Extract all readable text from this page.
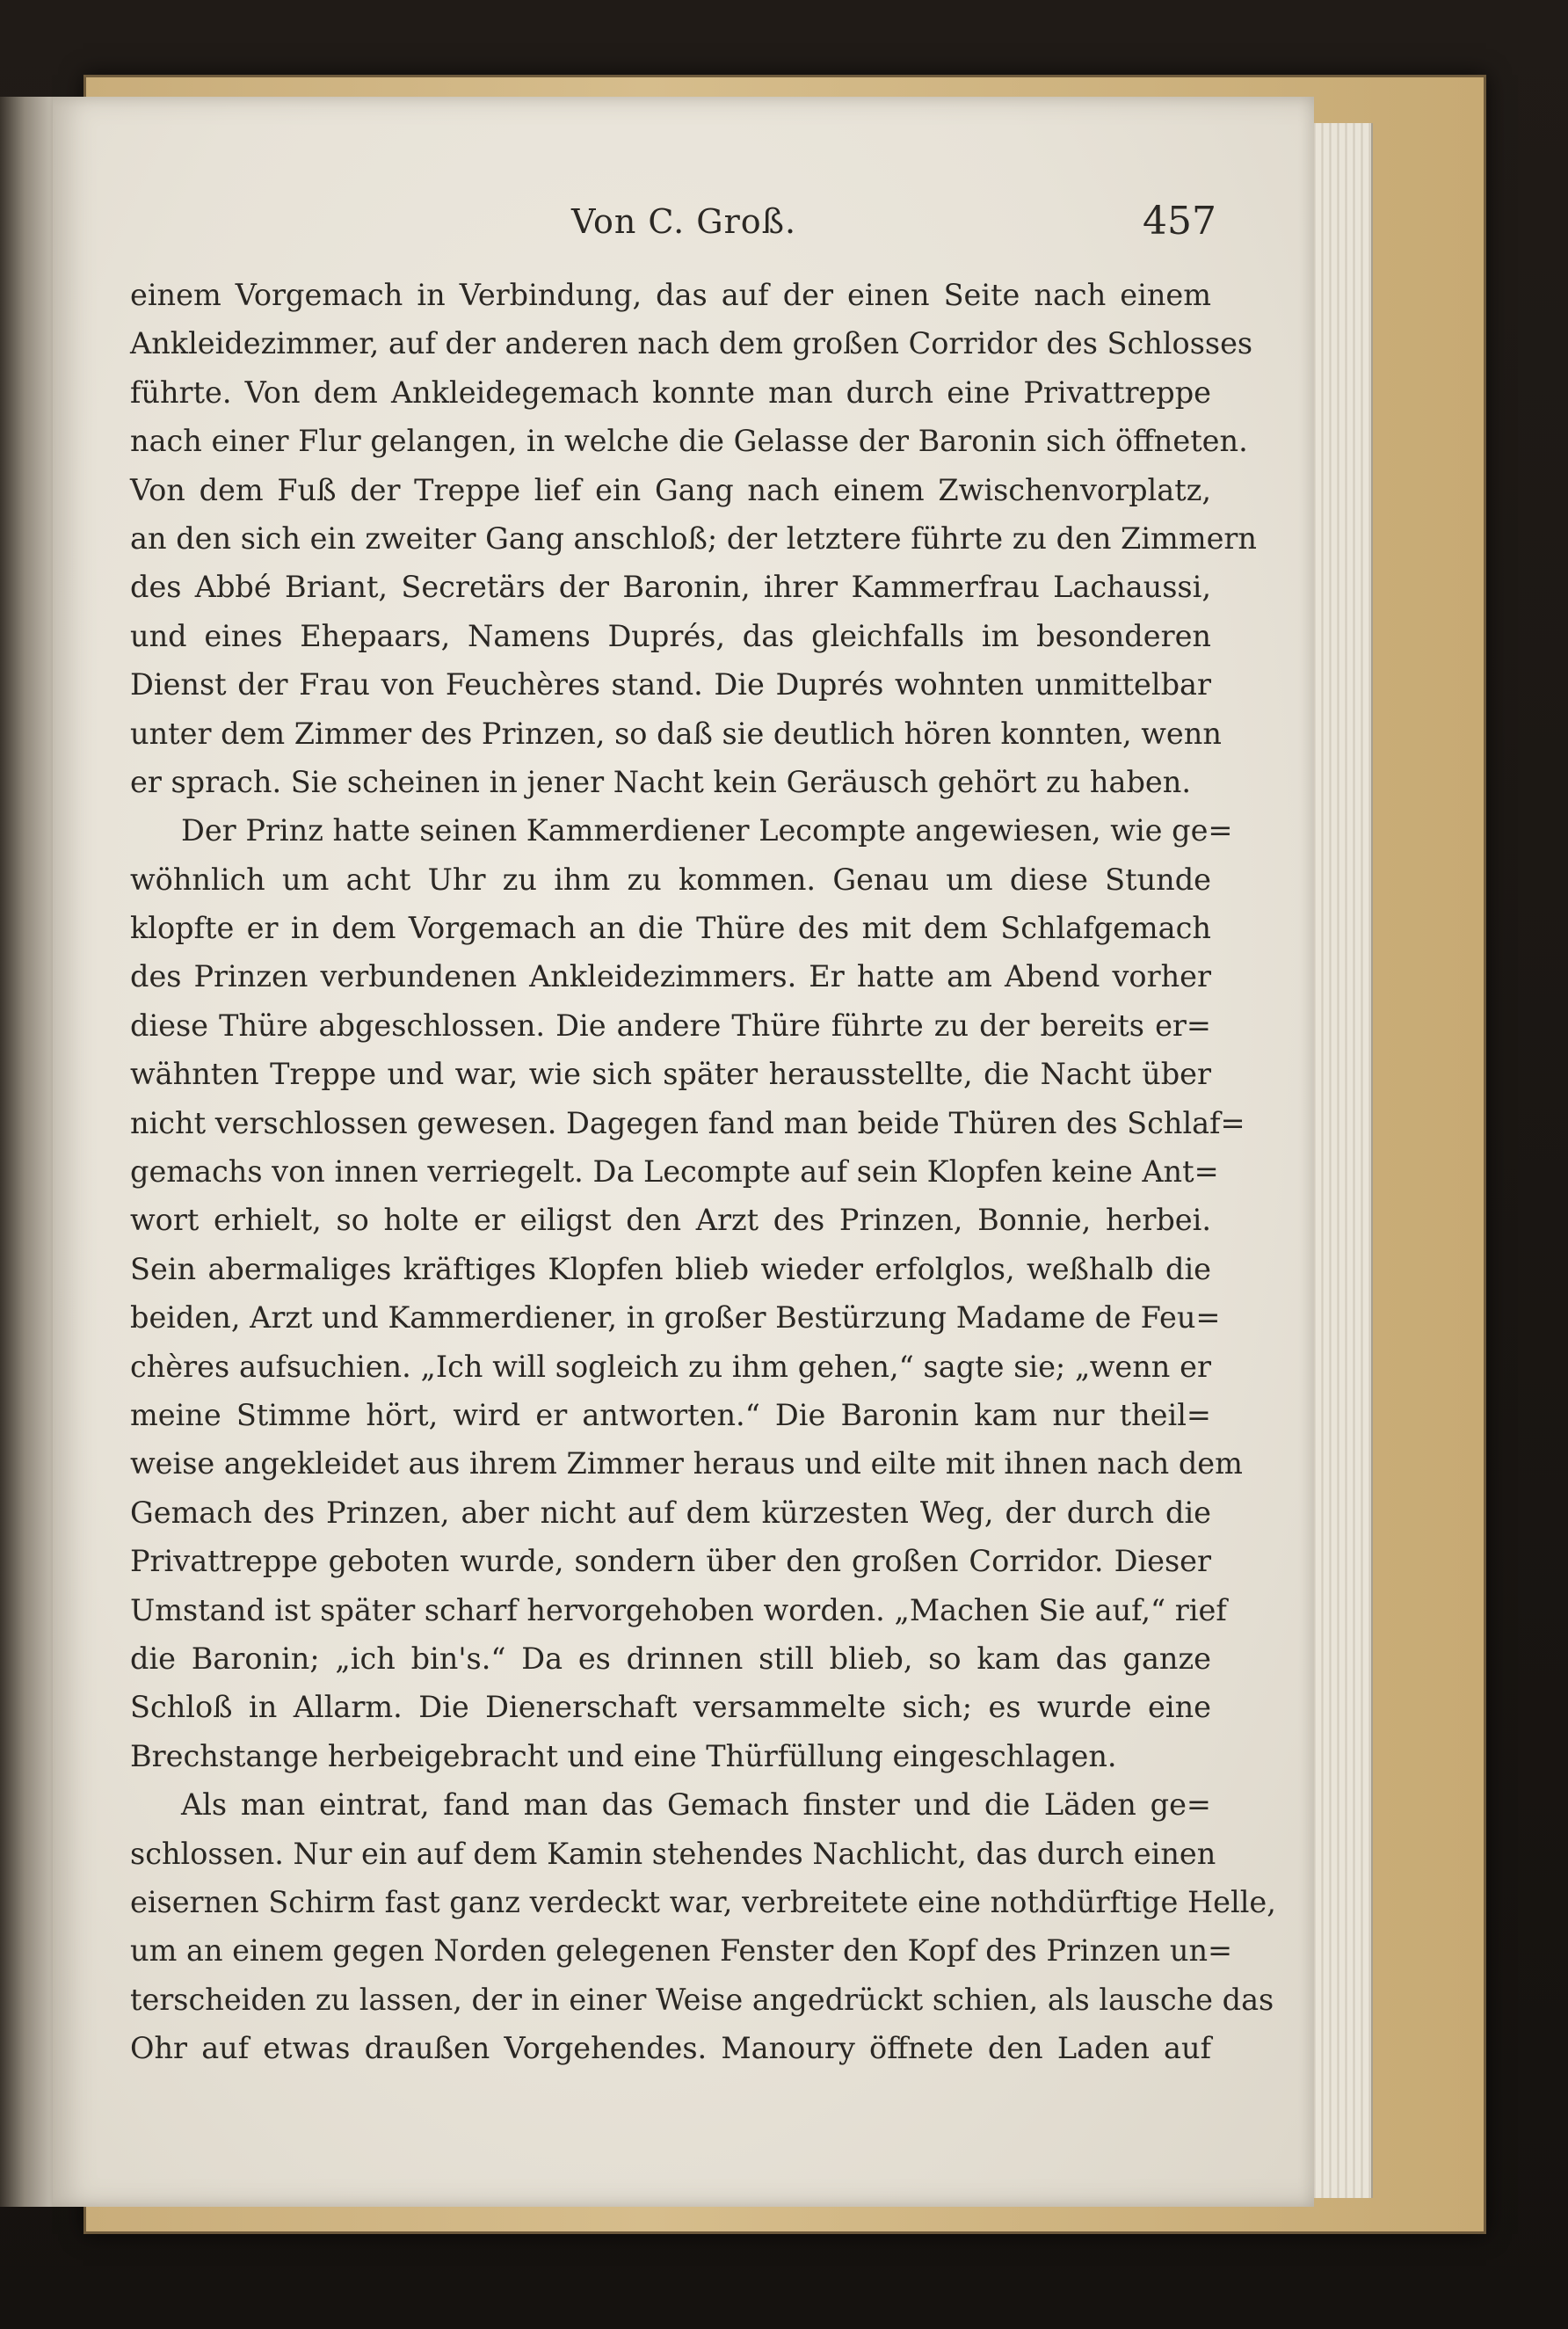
Von C. Groß.	457
einem Vorgemach in Verbindung, das auf der einen Seite nach einem
Ankleidezimmer, auf der anderen nach dem großen Corridor des Schlosses
führte. Von dem Ankleidegemach konnte man durch eine Privattreppe
nach einer Flur gelangen, in welche die Gelasse der Baronin sich öffneten.
Von dem Fuß der Treppe lief ein Gang nach einem Zwischenvorplatz,
an den sich ein zweiter Gang anschloß; der letztere führte zu den Zimmern
des Abbé Briant, Secretärs der Baronin, ihrer Kammerfrau Lachaussi,
und eines Ehepaars, Namens Duprés, das gleichfalls im besonderen
Dienst der Frau von Feuchères stand. Die Duprés wohnten unmittelbar
unter dem Zimmer des Prinzen, so daß sie deutlich hören konnten, wenn
er sprach. Sie scheinen in jener Nacht kein Geräusch gehört zu haben.
Der Prinz hatte seinen Kammerdiener Lecompte angewiesen, wie ge=
wöhnlich um acht Uhr zu ihm zu kommen. Genau um diese Stunde
klopfte er in dem Vorgemach an die Thüre des mit dem Schlafgemach
des Prinzen verbundenen Ankleidezimmers. Er hatte am Abend vorher
diese Thüre abgeschlossen. Die andere Thüre führte zu der bereits er=
wähnten Treppe und war, wie sich später herausstellte, die Nacht über
nicht verschlossen gewesen. Dagegen fand man beide Thüren des Schlaf=
gemachs von innen verriegelt. Da Lecompte auf sein Klopfen keine Ant=
wort erhielt, so holte er eiligst den Arzt des Prinzen, Bonnie, herbei.
Sein abermaliges kräftiges Klopfen blieb wieder erfolglos, weßhalb die
beiden, Arzt und Kammerdiener, in großer Bestürzung Madame de Feu=
chères aufsuchien. „Ich will sogleich zu ihm gehen,“ sagte sie; „wenn er
meine Stimme hört, wird er antworten.“ Die Baronin kam nur theil=
weise angekleidet aus ihrem Zimmer heraus und eilte mit ihnen nach dem
Gemach des Prinzen, aber nicht auf dem kürzesten Weg, der durch die
Privattreppe geboten wurde, sondern über den großen Corridor. Dieser
Umstand ist später scharf hervorgehoben worden. „Machen Sie auf,“ rief
die Baronin; „ich bin's.“ Da es drinnen still blieb, so kam das ganze
Schloß in Allarm. Die Dienerschaft versammelte sich; es wurde eine
Brechstange herbeigebracht und eine Thürfüllung eingeschlagen.
Als man eintrat, fand man das Gemach finster und die Läden ge=
schlossen. Nur ein auf dem Kamin stehendes Nachlicht, das durch einen
eisernen Schirm fast ganz verdeckt war, verbreitete eine nothdürftige Helle,
um an einem gegen Norden gelegenen Fenster den Kopf des Prinzen un=
terscheiden zu lassen, der in einer Weise angedrückt schien, als lausche das
Ohr auf etwas draußen Vorgehendes. Manoury öffnete den Laden auf
